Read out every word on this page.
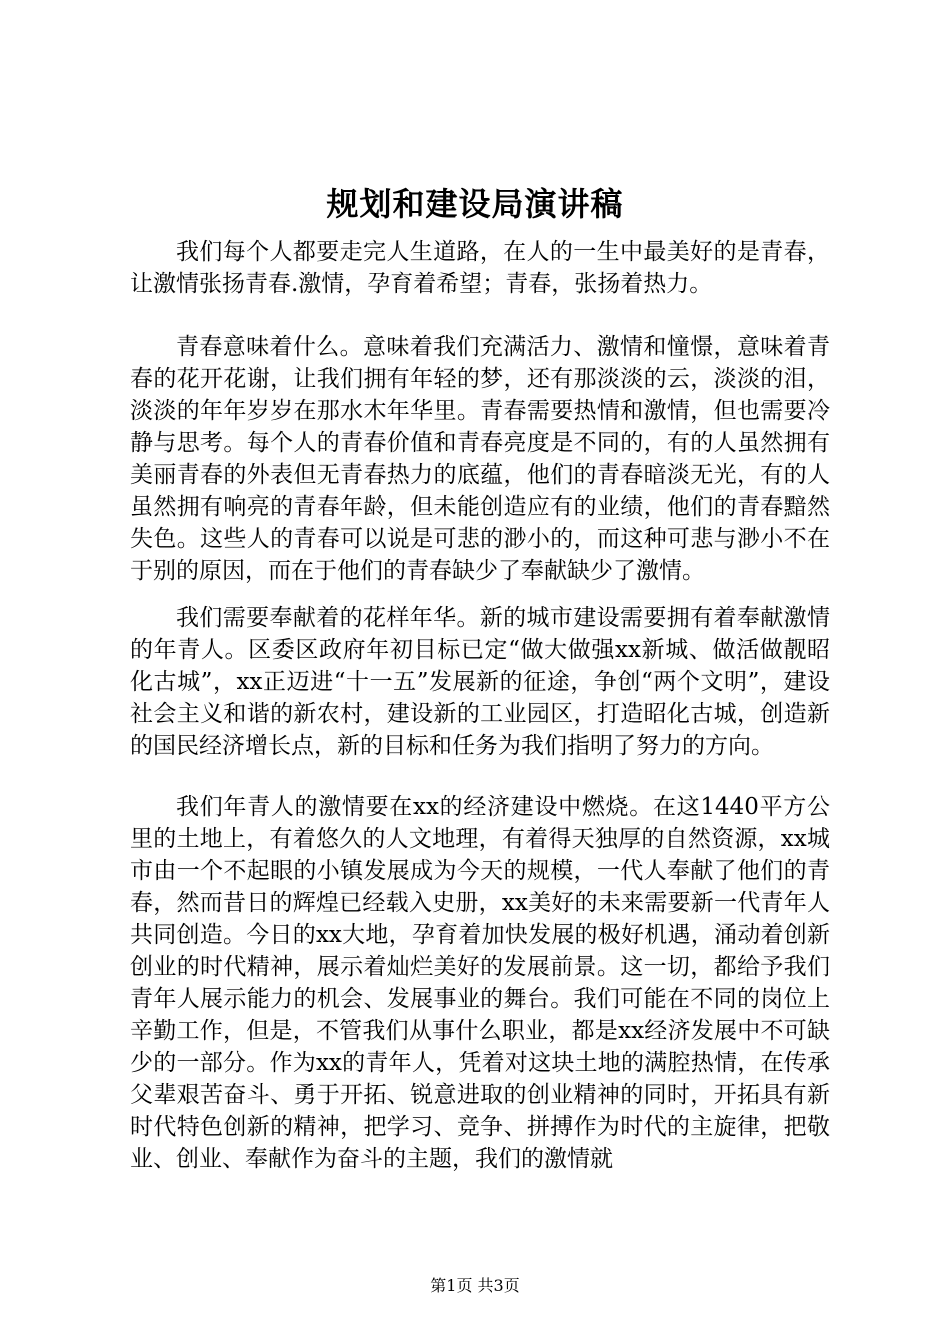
规划和建设局演讲稿

我们每个人都要走完人生道路，在人的一生中最美好的是青春，让激情张扬青春.激情，孕育着希望；青春，张扬着热力。

青春意味着什么。意味着我们充满活力、激情和憧憬，意味着青春的花开花谢，让我们拥有年轻的梦，还有那淡淡的云，淡淡的泪，淡淡的年年岁岁在那水木年华里。青春需要热情和激情，但也需要冷静与思考。每个人的青春价值和青春亮度是不同的，有的人虽然拥有美丽青春的外表但无青春热力的底蕴，他们的青春暗淡无光，有的人虽然拥有响亮的青春年龄，但未能创造应有的业绩，他们的青春黯然失色。这些人的青春可以说是可悲的渺小的，而这种可悲与渺小不在于别的原因，而在于他们的青春缺少了奉献缺少了激情。

我们需要奉献着的花样年华。新的城市建设需要拥有着奉献激情的年青人。区委区政府年初目标已定“做大做强xx新城、做活做靓昭化古城”，xx正迈进“十一五”发展新的征途，争创“两个文明”，建设社会主义和谐的新农村，建设新的工业园区，打造昭化古城，创造新的国民经济增长点，新的目标和任务为我们指明了努力的方向。

我们年青人的激情要在xx的经济建设中燃烧。在这1440平方公里的土地上，有着悠久的人文地理，有着得天独厚的自然资源，xx城市由一个不起眼的小镇发展成为今天的规模，一代人奉献了他们的青春，然而昔日的辉煌已经载入史册，xx美好的未来需要新一代青年人共同创造。今日的xx大地，孕育着加快发展的极好机遇，涌动着创新创业的时代精神，展示着灿烂美好的发展前景。这一切，都给予我们青年人展示能力的机会、发展事业的舞台。我们可能在不同的岗位上辛勤工作，但是，不管我们从事什么职业，都是xx经济发展中不可缺少的一部分。作为xx的青年人，凭着对这块土地的满腔热情，在传承父辈艰苦奋斗、勇于开拓、锐意进取的创业精神的同时，开拓具有新时代特色创新的精神，把学习、竞争、拼搏作为时代的主旋律，把敬业、创业、奉献作为奋斗的主题，我们的激情就

第1页 共3页
